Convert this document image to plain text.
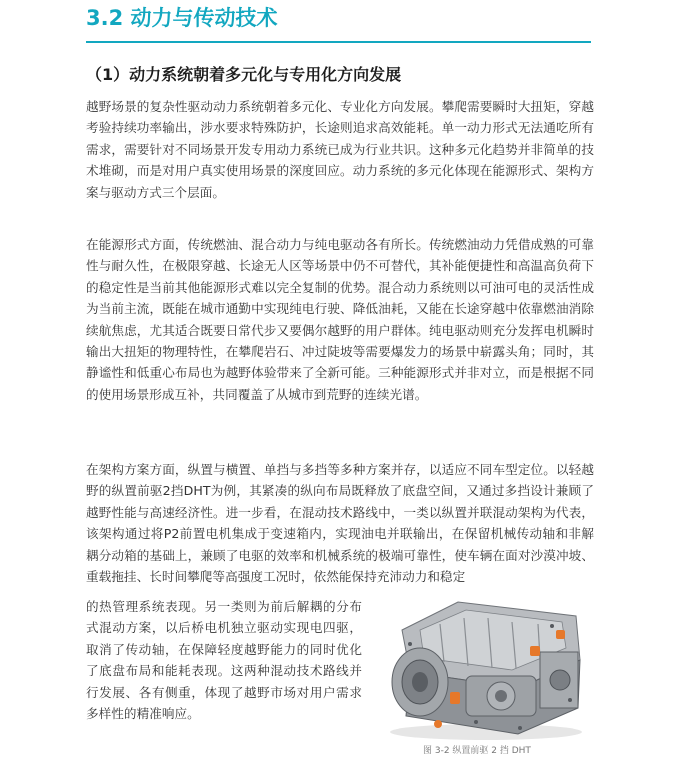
3.2 动力与传动技术
（1）动力系统朝着多元化与专用化方向发展

越野场景的复杂性驱动动力系统朝着多元化、专业化方向发展。攀爬需要瞬时大扭矩，穿越考验持续功率输出，涉水要求特殊防护，长途则追求高效能耗。单一动力形式无法通吃所有需求，需要针对不同场景开发专用动力系统已成为行业共识。这种多元化趋势并非简单的技术堆砌，而是对用户真实使用场景的深度回应。动力系统的多元化体现在能源形式、架构方案与驱动方式三个层面。

在能源形式方面，传统燃油、混合动力与纯电驱动各有所长。传统燃油动力凭借成熟的可靠性与耐久性，在极限穿越、长途无人区等场景中仍不可替代，其补能便捷性和高温高负荷下的稳定性是当前其他能源形式难以完全复制的优势。混合动力系统则以可油可电的灵活性成为当前主流，既能在城市通勤中实现纯电行驶、降低油耗，又能在长途穿越中依靠燃油消除续航焦虑，尤其适合既要日常代步又要偶尔越野的用户群体。纯电驱动则充分发挥电机瞬时输出大扭矩的物理特性，在攀爬岩石、冲过陡坡等需要爆发力的场景中崭露头角；同时，其静谧性和低重心布局也为越野体验带来了全新可能。三种能源形式并非对立，而是根据不同的使用场景形成互补，共同覆盖了从城市到荒野的连续光谱。

在架构方案方面，纵置与横置、单挡与多挡等多种方案并存，以适应不同车型定位。以轻越野的纵置前驱2挡DHT为例，其紧凑的纵向布局既释放了底盘空间，又通过多挡设计兼顾了越野性能与高速经济性。进一步看，在混动技术路线中，一类以纵置并联混动架构为代表，该架构通过将P2前置电机集成于变速箱内，实现油电并联输出，在保留机械传动轴和非解耦分动箱的基础上，兼顾了电驱的效率和机械系统的极端可靠性，使车辆在面对沙漠冲坡、重载拖挂、长时间攀爬等高强度工况时，依然能保持充沛动力和稳定

的热管理系统表现。另一类则为前后解耦的分布式混动方案，以后桥电机独立驱动实现电四驱，取消了传动轴，在保障轻度越野能力的同时优化了底盘布局和能耗表现。这两种混动技术路线并行发展、各有侧重，体现了越野市场对用户需求多样性的精准响应。

图 3-2 纵置前驱 2 挡 DHT
